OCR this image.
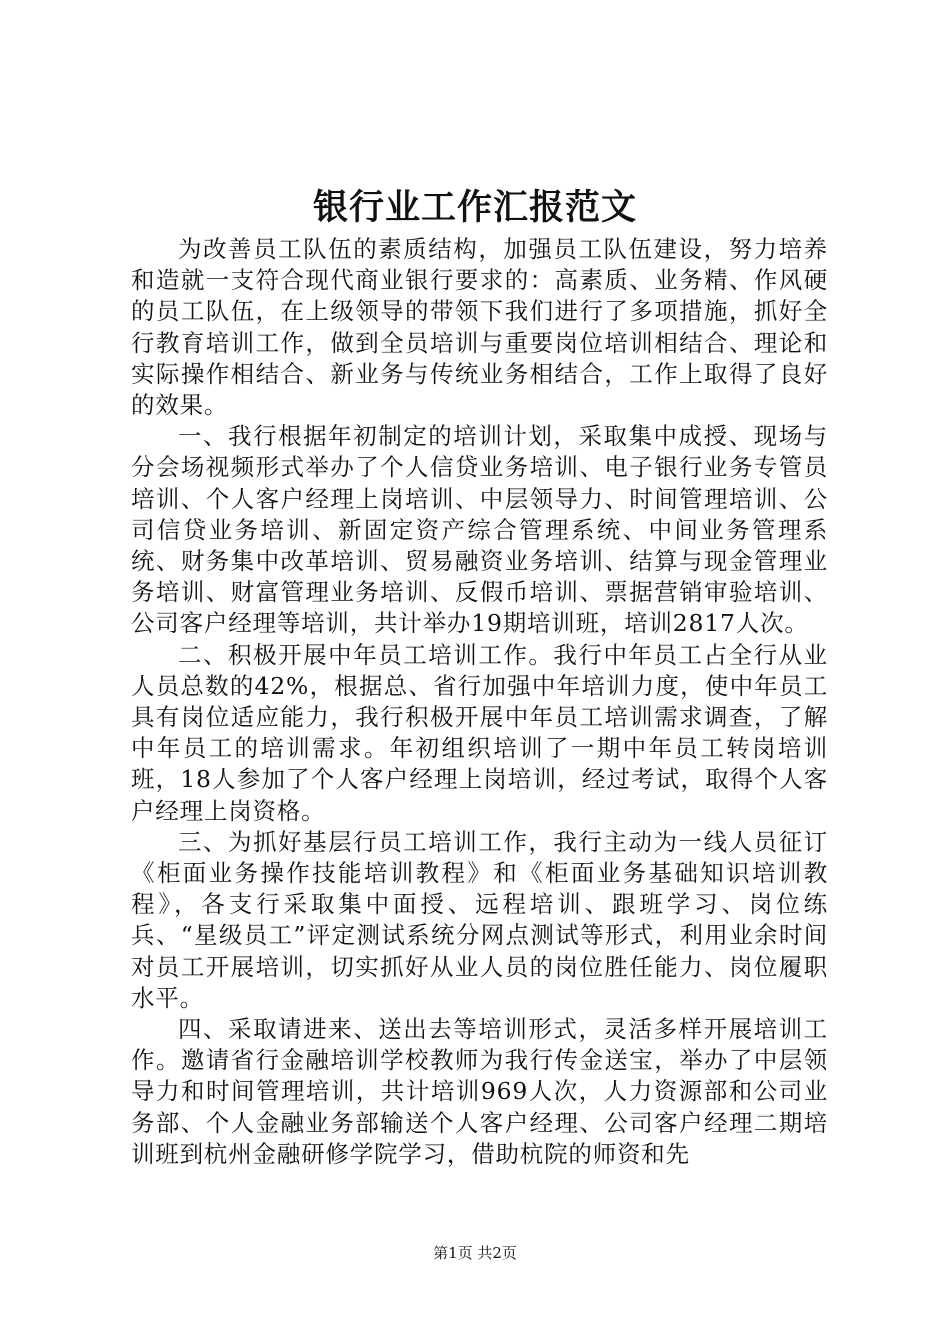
银行业工作汇报范文

为改善员工队伍的素质结构，加强员工队伍建设，努力培养和造就一支符合现代商业银行要求的：高素质、业务精、作风硬的员工队伍，在上级领导的带领下我们进行了多项措施，抓好全行教育培训工作，做到全员培训与重要岗位培训相结合、理论和实际操作相结合、新业务与传统业务相结合，工作上取得了良好的效果。

一、我行根据年初制定的培训计划，采取集中成授、现场与分会场视频形式举办了个人信贷业务培训、电子银行业务专管员培训、个人客户经理上岗培训、中层领导力、时间管理培训、公司信贷业务培训、新固定资产综合管理系统、中间业务管理系统、财务集中改革培训、贸易融资业务培训、结算与现金管理业务培训、财富管理业务培训、反假币培训、票据营销审验培训、公司客户经理等培训，共计举办19期培训班，培训2817人次。

二、积极开展中年员工培训工作。我行中年员工占全行从业人员总数的42%，根据总、省行加强中年培训力度，使中年员工具有岗位适应能力，我行积极开展中年员工培训需求调查，了解中年员工的培训需求。年初组织培训了一期中年员工转岗培训班，18人参加了个人客户经理上岗培训，经过考试，取得个人客户经理上岗资格。

三、为抓好基层行员工培训工作，我行主动为一线人员征订《柜面业务操作技能培训教程》和《柜面业务基础知识培训教程》，各支行采取集中面授、远程培训、跟班学习、岗位练兵、“星级员工”评定测试系统分网点测试等形式，利用业余时间对员工开展培训，切实抓好从业人员的岗位胜任能力、岗位履职水平。

四、采取请进来、送出去等培训形式，灵活多样开展培训工作。邀请省行金融培训学校教师为我行传金送宝，举办了中层领导力和时间管理培训，共计培训969人次，人力资源部和公司业务部、个人金融业务部输送个人客户经理、公司客户经理二期培训班到杭州金融研修学院学习，借助杭院的师资和先

第1页 共2页
